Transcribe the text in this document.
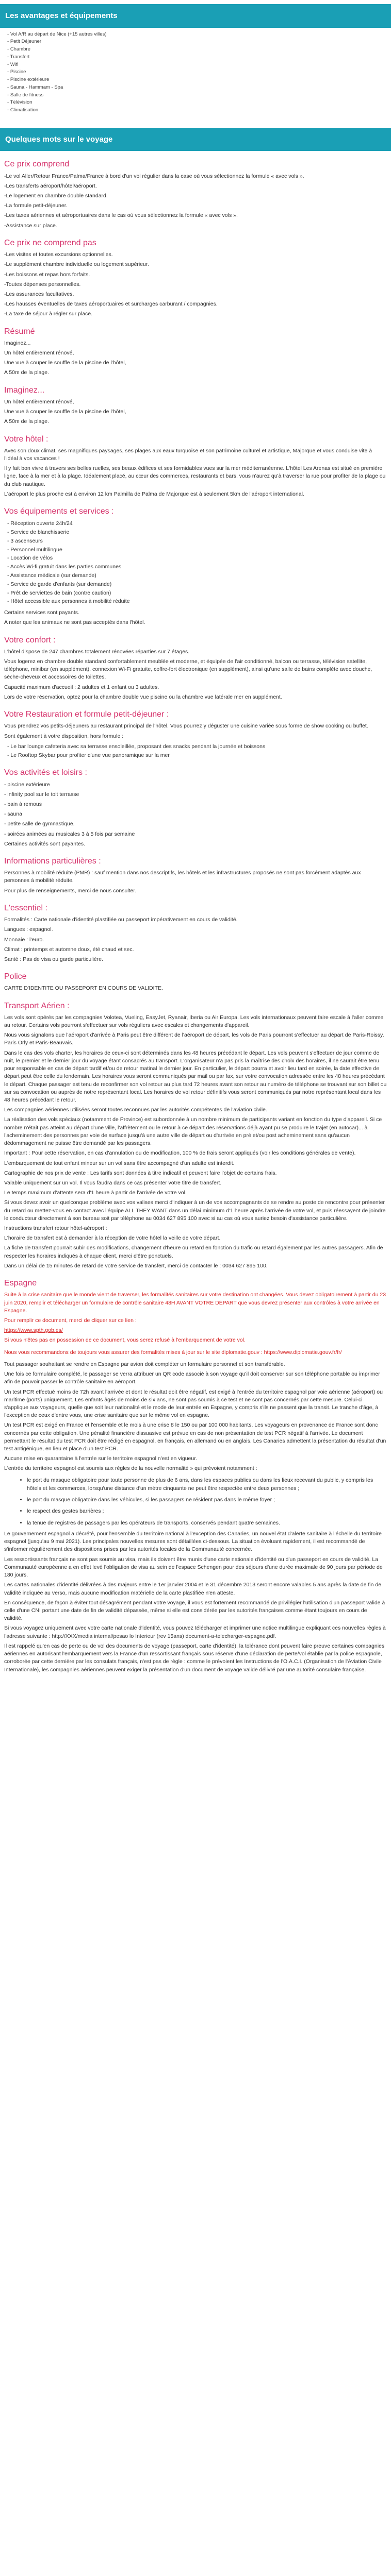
Les avantages et équipements
- Vol A/R au départ de Nice (+15 autres villes)
- Petit Déjeuner
- Chambre
- Transfert
- Wifi
- Piscine
- Piscine extérieure
- Sauna - Hammam - Spa
- Salle de fitness
- Télévision
- Climatisation
Quelques mots sur le voyage
Ce prix comprend

-Le vol Aller/Retour France/Palma/France à bord d'un vol régulier dans la case où vous sélectionnez la formule « avec vols ».

-Les transferts aéroport/hôtel/aéroport.

-Le logement en chambre double standard.

-La formule petit-déjeuner.

-Les taxes aériennes et aéroportuaires dans le cas où vous sélectionnez la formule « avec vols ».

-Assistance sur place.

Ce prix ne comprend pas

-Les visites et toutes excursions optionnelles.

-Le supplément chambre individuelle ou logement supérieur.

-Les boissons et repas hors forfaits.

-Toutes dépenses personnelles.

-Les assurances facultatives.

-Les hausses éventuelles de taxes aéroportuaires et surcharges carburant / compagnies.

-La taxe de séjour à régler sur place.

Résumé

Imaginez...

Un hôtel entièrement rénové,

Une vue à couper le souffle de la piscine de l'hôtel,

A 50m de la plage.

Imaginez...

Un hôtel entièrement rénové,

Une vue à couper le souffle de la piscine de l'hôtel,

A 50m de la plage.

Votre hôtel :

Avec son doux climat, ses magnifiques paysages, ses plages aux eaux turquoise et son patrimoine culturel et artistique, Majorque et vous conduise vite à l'idéal à vos vacances !

Il y fait bon vivre à travers ses belles ruelles, ses beaux édifices et ses formidables vues sur la mer méditerranéenne. L'hôtel Les Arenas est situé en première ligne, face à la mer et à la plage. Idéalement placé, au cœur des commerces, restaurants et bars, vous n'aurez qu'à traverser la rue pour profiter de la plage ou du club nautique.

L'aéroport le plus proche est à environ 12 km Palmilla de Palma de Majorque est à seulement 5km de l'aéroport international.

Vos équipements et services :
- Réception ouverte 24h/24
- Service de blanchisserie
- 3 ascenseurs
- Personnel multilingue
- Location de vélos
- Accès Wi-fi gratuit dans les parties communes
- Assistance médicale (sur demande)
- Service de garde d'enfants (sur demande)
- Prêt de serviettes de bain (contre caution)
- Hôtel accessible aux personnes à mobilité réduite

Certains services sont payants.

A noter que les animaux ne sont pas acceptés dans l'hôtel.

Votre confort :

L'hôtel dispose de 247 chambres totalement rénovées réparties sur 7 étages.

Vous logerez en chambre double standard confortablement meublée et moderne, et équipée de l'air conditionné, balcon ou terrasse, télévision satellite, téléphone, minibar (en supplément), connexion Wi-Fi gratuite, coffre-fort électronique (en supplément), ainsi qu'une salle de bains complète avec douche, sèche-cheveux et accessoires de toilettes.

Capacité maximum d'accueil : 2 adultes et 1 enfant ou 3 adultes.

Lors de votre réservation, optez pour la chambre double vue piscine ou la chambre vue latérale mer en supplément.

Votre Restauration et formule petit-déjeuner :

Vous prendrez vos petits-déjeuners au restaurant principal de l'hôtel. Vous pourrez y déguster une cuisine variée sous forme de show cooking ou buffet.

Sont également à votre disposition, hors formule :

- Le bar lounge cafeteria avec sa terrasse ensoleillée, proposant des snacks pendant la journée et boissons
- Le Rooftop Skybar pour profiter d'une vue panoramique sur la mer
Vos activités et loisirs :

- piscine extérieure

- infinity pool sur le toit terrasse

- bain à remous

- sauna

- petite salle de gymnastique.

- soirées animées au musicales 3 à 5 fois par semaine

Certaines activités sont payantes.

Informations particulières :

Personnes à mobilité réduite (PMR) : sauf mention dans nos descriptifs, les hôtels et les infrastructures proposés ne sont pas forcément adaptés aux personnes à mobilité réduite.

Pour plus de renseignements, merci de nous consulter.

L'essentiel :

Formalités : Carte nationale d'identité plastifiée ou passeport impérativement en cours de validité.

Langues : espagnol.

Monnaie : l'euro.

Climat : printemps et automne doux, été chaud et sec.

Santé : Pas de visa ou garde particulière.

Police

CARTE D'IDENTITE OU PASSEPORT EN COURS DE VALIDITE.

Transport Aérien :

Les vols sont opérés par les compagnies Volotea, Vueling, EasyJet, Ryanair, Iberia ou Air Europa. Les vols internationaux peuvent faire escale à l'aller comme au retour. Certains vols pourront s'effectuer sur vols réguliers avec escales et changements d'appareil.

Nous vous signalons que l'aéroport d'arrivée à Paris peut être différent de l'aéroport de départ, les vols de Paris pourront s'effectuer au départ de Paris-Roissy, Paris Orly et Paris-Beauvais.

Dans le cas des vols charter, les horaires de ceux-ci sont déterminés dans les 48 heures précédant le départ. Les vols peuvent s'effectuer de jour comme de nuit, le premier et le dernier jour du voyage étant consacrés au transport. L'organisateur n'a pas pris la maîtrise des choix des horaires, il ne saurait être tenu pour responsable en cas de départ tardif et/ou de retour matinal le dernier jour. En particulier, le départ pourra et avoir lieu tard en soirée, la date effective de départ peut être celle du lendemain. Les horaires vous seront communiqués par mail ou par fax, sur votre convocation adressée entre les 48 heures précédant le départ. Chaque passager est tenu de reconfirmer son vol retour au plus tard 72 heures avant son retour au numéro de téléphone se trouvant sur son billet ou sur sa convocation ou auprès de notre représentant local. Les horaires de vol retour définitifs vous seront communiqués par notre représentant local dans les 48 heures précédant le retour.

Les compagnies aériennes utilisées seront toutes reconnues par les autorités compétentes de l'aviation civile.

La réalisation des vols spéciaux (notamment de Province) est subordonnée à un nombre minimum de participants variant en fonction du type d'appareil. Si ce nombre n'était pas atteint au départ d'une ville, l'affrètement ou le retour à ce départ des réservations déjà ayant pu se produire le trajet (en autocar)... à l'acheminement des personnes par voie de surface jusqu'à une autre ville de départ ou d'arrivée en pré et/ou post acheminement sans qu'aucun dédommagement ne puisse être demandé par les passagers.

Important : Pour cette réservation, en cas d'annulation ou de modification, 100 % de frais seront appliqués (voir les conditions générales de vente).

L'embarquement de tout enfant mineur sur un vol sans être accompagné d'un adulte est interdit.

Cartographie de nos prix de vente : Les tarifs sont données à titre indicatif et peuvent faire l'objet de certains frais.

Valable uniquement sur un vol. Il vous faudra dans ce cas présenter votre titre de transfert.

Le temps maximum d'attente sera d'1 heure à partir de l'arrivée de votre vol.

Si vous devez avoir un quelconque problème avec vos valises merci d'indiquer à un de vos accompagnants de se rendre au poste de rencontre pour présenter du retard ou mettez-vous en contact avec l'équipe ALL THEY WANT dans un délai minimum d'1 heure après l'arrivée de votre vol, et puis réessayent de joindre le conducteur directement à son bureau soit par téléphone au 0034 627 895 100 avec si au cas où vous auriez besoin d'assistance particulière.

Instructions transfert retour hôtel-aéroport :

L'horaire de transfert est à demander à la réception de votre hôtel la veille de votre départ.

La fiche de transfert pourrait subir des modifications, changement d'heure ou retard en fonction du trafic ou retard également par les autres passagers. Afin de respecter les horaires indiqués à chaque client, merci d'être ponctuels.

Dans un délai de 15 minutes de retard de votre service de transfert, merci de contacter le : 0034 627 895 100.

Espagne

Suite à la crise sanitaire que le monde vient de traverser, les formalités sanitaires sur votre destination ont changées. Vous devez obligatoirement à partir du 23 juin 2020, remplir et télécharger un formulaire de contrôle sanitaire 48H AVANT VOTRE DÉPART que vous devrez présenter aux contrôles à votre arrivée en Espagne.

Pour remplir ce document, merci de cliquer sur ce lien :

https://www.spth.gob.es/

Si vous n'êtes pas en possession de ce document, vous serez refusé à l'embarquement de votre vol.

Nous vous recommandons de toujours vous assurer des formalités mises à jour sur le site diplomatie.gouv : https://www.diplomatie.gouv.fr/fr/

Tout passager souhaitant se rendre en Espagne par avion doit compléter un formulaire personnel et son transférable.

Une fois ce formulaire complété, le passager se verra attribuer un QR code associé à son voyage qu'il doit conserver sur son téléphone portable ou imprimer afin de pouvoir passer le contrôle sanitaire en aéroport.

Un test PCR effectué moins de 72h avant l'arrivée et dont le résultat doit être négatif, est exigé à l'entrée du territoire espagnol par voie aérienne (aéroport) ou maritime (ports) uniquement. Les enfants âgés de moins de six ans, ne sont pas soumis à ce test et ne sont pas concernés par cette mesure. Celui-ci s'applique aux voyageurs, quelle que soit leur nationalité et le mode de leur entrée en Espagne, y compris s'ils ne passent que la transit. Le tranche d'âge, à l'exception de ceux d'entre vous, une crise sanitaire que sur le même vol en espagne.

Un test PCR est exigé en France et l'ensemble et le mois à une crise 8 le 150 ou par 100 000 habitants. Les voyageurs en provenance de France sont donc concernés par cette obligation. Une pénalité financière dissuasive est prévue en cas de non présentation de test PCR négatif à l'arrivée. Le document permettant le résultat du test PCR doit être rédigé en espagnol, en français, en allemand ou en anglais. Les Canaries admettent la présentation du résultat d'un test antigénique, en lieu et place d'un test PCR.

Aucune mise en quarantaine à l'entrée sur le territoire espagnol n'est en vigueur.

L'entrée du territoire espagnol est soumis aux règles de la nouvelle normalité » qui prévoient notamment :

• le port du masque obligatoire pour toute personne de plus de 6 ans, dans les espaces publics ou dans les lieux recevant du public, y compris les hôtels et les commerces, lorsqu'une distance d'un mètre cinquante ne peut être respectée entre deux personnes ;
• le port du masque obligatoire dans les véhicules, si les passagers ne résident pas dans le même foyer ;
• le respect des gestes barrières ;
• la tenue de registres de passagers par les opérateurs de transports, conservés pendant quatre semaines.

Le gouvernement espagnol a décrété, pour l'ensemble du territoire national à l'exception des Canaries, un nouvel état d'alerte sanitaire à l'échelle du territoire espagnol (jusqu'au 9 mai 2021). Les principales nouvelles mesures sont détaillées ci-dessous. La situation évoluant rapidement, il est recommandé de s'informer régulièrement des dispositions prises par les autorités locales de la Communauté concernée.

Les ressortissants français ne sont pas soumis au visa, mais ils doivent être munis d'une carte nationale d'identité ou d'un passeport en cours de validité. La Communauté européenne a en effet levé l'obligation de visa au sein de l'espace Schengen pour des séjours d'une durée maximale de 90 jours par période de 180 jours.

Les cartes nationales d'identité délivrées à des majeurs entre le 1er janvier 2004 et le 31 décembre 2013 seront encore valables 5 ans après la date de fin de validité indiquée au verso, mais aucune modification matérielle de la carte plastifiée n'en atteste.

En conséquence, de façon à éviter tout désagrément pendant votre voyage, il vous est fortement recommandé de privilégier l'utilisation d'un passeport valide à celle d'une CNI portant une date de fin de validité dépassée, même si elle est considérée par les autorités françaises comme étant toujours en cours de validité.

Si vous voyagez uniquement avec votre carte nationale d'identité, vous pouvez télécharger et imprimer une notice multilingue expliquant ces nouvelles règles à l'adresse suivante : http://XXX/media internal/pesao lo Interieur (rev 15ans) document-a-telecharger-espagne.pdf.

Il est rappelé qu'en cas de perte ou de vol des documents de voyage (passeport, carte d'identité), la tolérance dont peuvent faire preuve certaines compagnies aériennes en autorisant l'embarquement vers la France d'un ressortissant français sous réserve d'une déclaration de perte/vol établie par la police espagnole, corroborée par cette dernière par les consulats français, n'est pas de règle : comme le prévoient les Instructions de l'O.A.C.I. (Organisation de l'Aviation Civile Internationale), les compagnies aériennes peuvent exiger la présentation d'un document de voyage valide délivré par une autorité consulaire française.
